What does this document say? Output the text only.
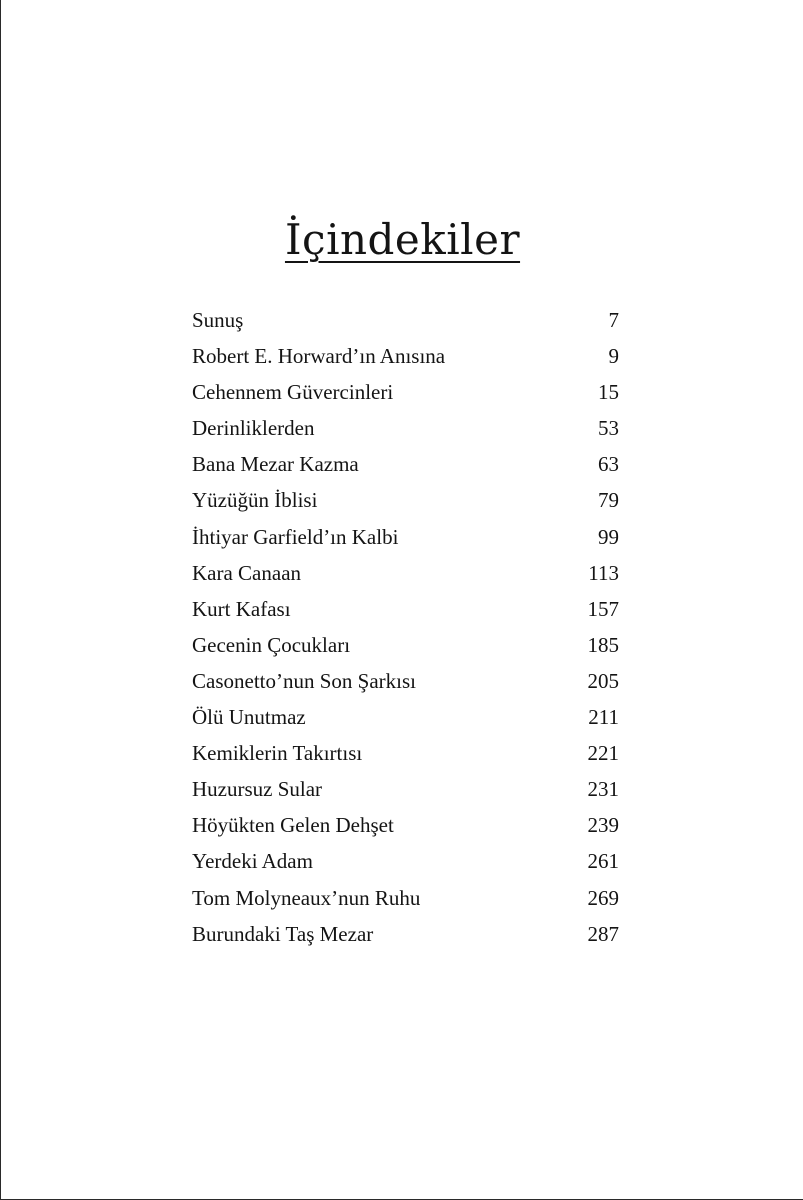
İçindekiler
Sunuş	7
Robert E. Horward’ın Anısına	9
Cehennem Güvercinleri	15
Derinliklerden	53
Bana Mezar Kazma	63
Yüzüğün İblisi	79
İhtiyar Garfield’ın Kalbi	99
Kara Canaan	113
Kurt Kafası	157
Gecenin Çocukları	185
Casonetto’nun Son Şarkısı	205
Ölü Unutmaz	211
Kemiklerin Takırtısı	221
Huzursuz Sular	231
Höyükten Gelen Dehşet	239
Yerdeki Adam	261
Tom Molyneaux’nun Ruhu	269
Burundaki Taş Mezar	287
